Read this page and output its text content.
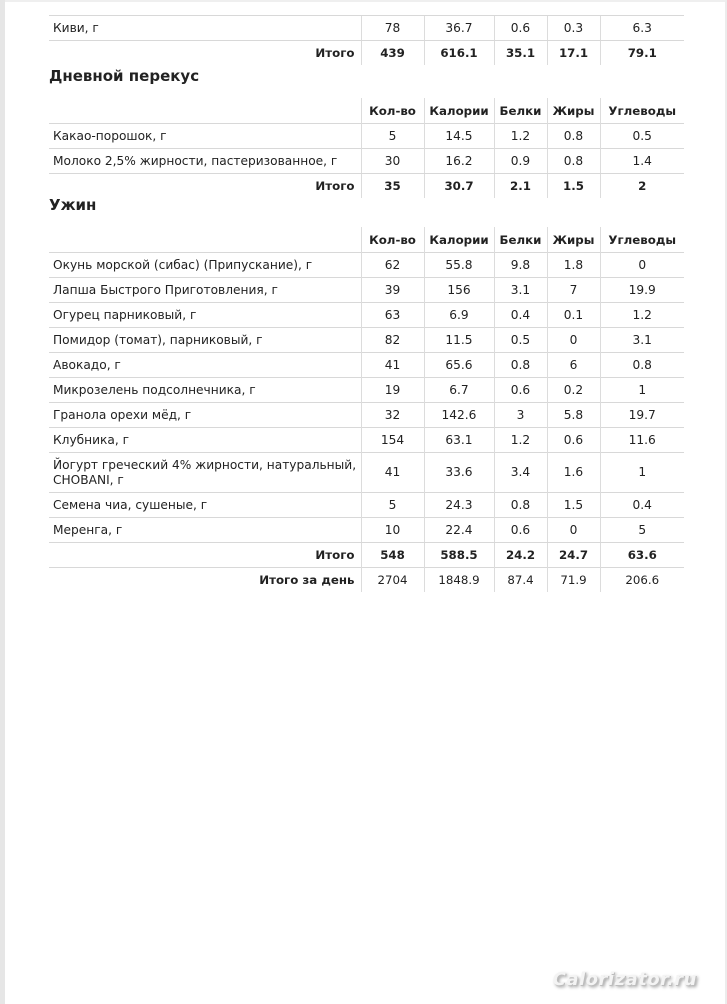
Киви, г	78	36.7	0.6	0.3	6.3
Итого	439	616.1	35.1	17.1	79.1
Дневной перекус
	Кол-во	Калории	Белки	Жиры	Углеводы
Какао-порошок, г	5	14.5	1.2	0.8	0.5
Молоко 2,5% жирности, пастеризованное, г	30	16.2	0.9	0.8	1.4
Итого	35	30.7	2.1	1.5	2
Ужин
	Кол-во	Калории	Белки	Жиры	Углеводы
Окунь морской (сибас) (Припускание), г	62	55.8	9.8	1.8	0
Лапша Быстрого Приготовления, г	39	156	3.1	7	19.9
Огурец парниковый, г	63	6.9	0.4	0.1	1.2
Помидор (томат), парниковый, г	82	11.5	0.5	0	3.1
Авокадо, г	41	65.6	0.8	6	0.8
Микрозелень подсолнечника, г	19	6.7	0.6	0.2	1
Гранола орехи мёд, г	32	142.6	3	5.8	19.7
Клубника, г	154	63.1	1.2	0.6	11.6
Йогурт греческий 4% жирности, натуральный, CHOBANI, г	41	33.6	3.4	1.6	1
Семена чиа, сушеные, г	5	24.3	0.8	1.5	0.4
Меренга, г	10	22.4	0.6	0	5
Итого	548	588.5	24.2	24.7	63.6
Итого за день	2704	1848.9	87.4	71.9	206.6
Calorizator.ru
